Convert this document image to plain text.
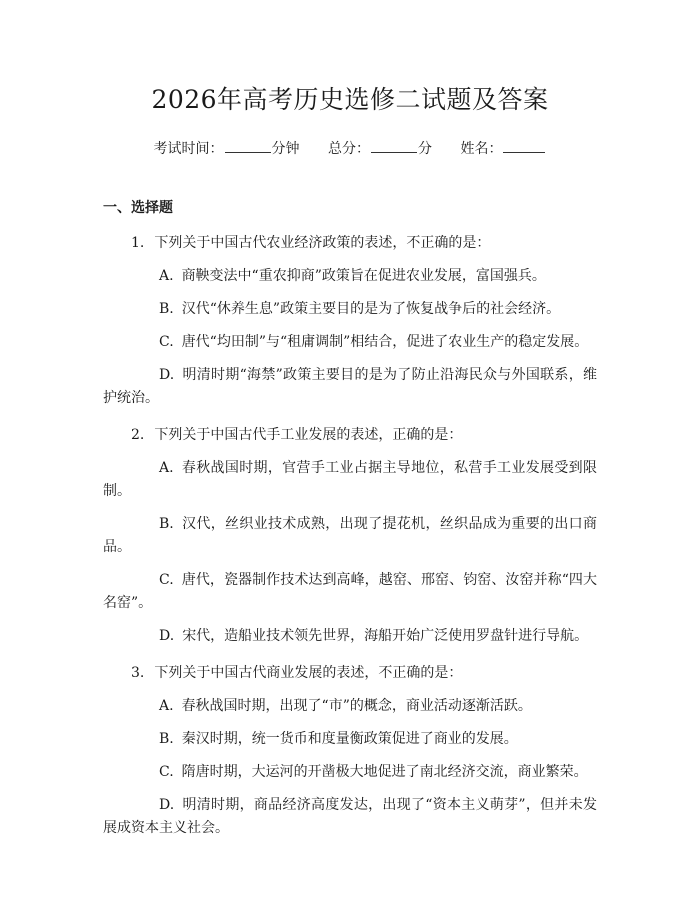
2026年高考历史选修二试题及答案
考试时间：	分钟 总分：	分 姓名：
一、选择题
1. 下列关于中国古代农业经济政策的表述，不正确的是：
A. 商鞅变法中“重农抑商”政策旨在促进农业发展，富国强兵。
B. 汉代“休养生息”政策主要目的是为了恢复战争后的社会经济。
C. 唐代“均田制”与“租庸调制”相结合，促进了农业生产的稳定发展。
D. 明清时期“海禁”政策主要目的是为了防止沿海民众与外国联系，维护统治。
2. 下列关于中国古代手工业发展的表述，正确的是：
A. 春秋战国时期，官营手工业占据主导地位，私营手工业发展受到限制。
B. 汉代，丝织业技术成熟，出现了提花机，丝织品成为重要的出口商品。
C. 唐代，瓷器制作技术达到高峰，越窑、邢窑、钧窑、汝窑并称“四大名窑”。
D. 宋代，造船业技术领先世界，海船开始广泛使用罗盘针进行导航。
3. 下列关于中国古代商业发展的表述，不正确的是：
A. 春秋战国时期，出现了“市”的概念，商业活动逐渐活跃。
B. 秦汉时期，统一货币和度量衡政策促进了商业的发展。
C. 隋唐时期，大运河的开凿极大地促进了南北经济交流，商业繁荣。
D. 明清时期，商品经济高度发达，出现了“资本主义萌芽”，但并未发展成资本主义社会。
